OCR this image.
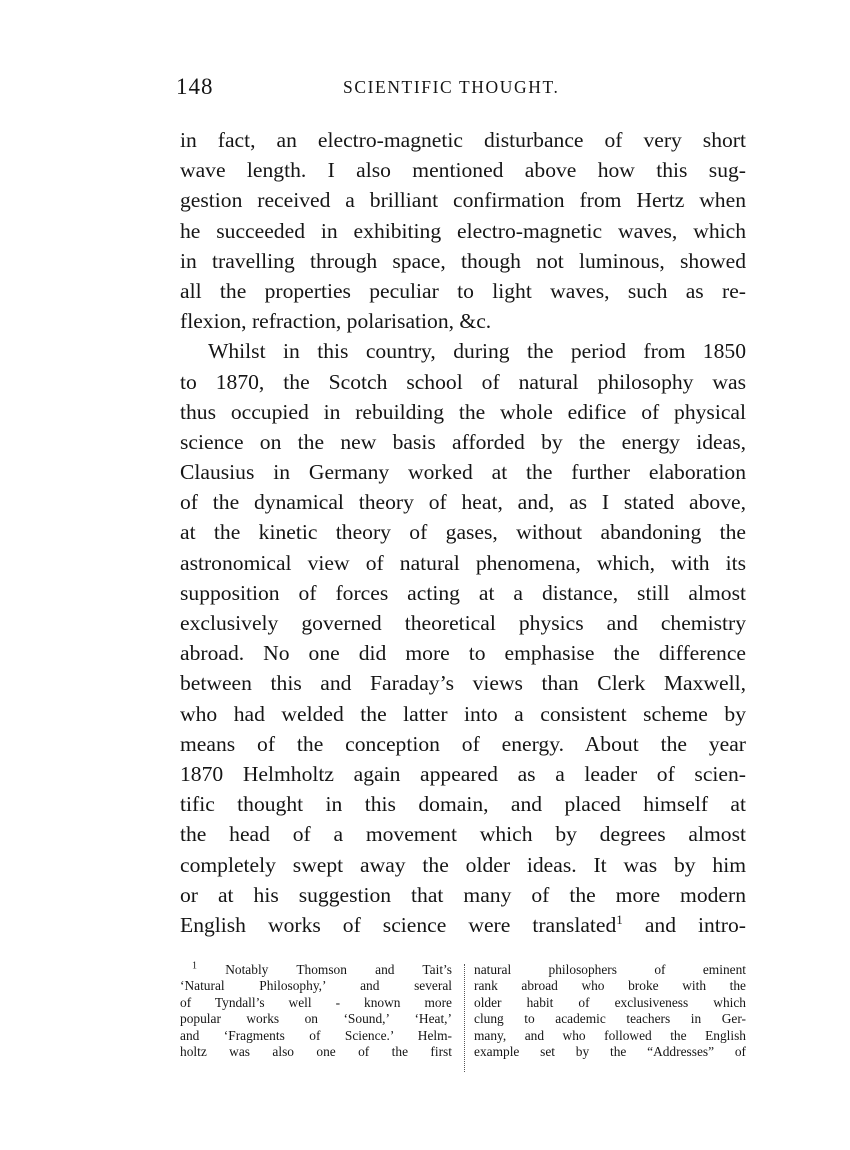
148	SCIENTIFIC THOUGHT.
in fact, an electro-magnetic disturbance of very short
wave length. I also mentioned above how this sug-
gestion received a brilliant confirmation from Hertz when
he succeeded in exhibiting electro-magnetic waves, which
in travelling through space, though not luminous, showed
all the properties peculiar to light waves, such as re-
flexion, refraction, polarisation, &c.
Whilst in this country, during the period from 1850
to 1870, the Scotch school of natural philosophy was
thus occupied in rebuilding the whole edifice of physical
science on the new basis afforded by the energy ideas,
Clausius in Germany worked at the further elaboration
of the dynamical theory of heat, and, as I stated above,
at the kinetic theory of gases, without abandoning the
astronomical view of natural phenomena, which, with its
supposition of forces acting at a distance, still almost
exclusively governed theoretical physics and chemistry
abroad. No one did more to emphasise the difference
between this and Faraday’s views than Clerk Maxwell,
who had welded the latter into a consistent scheme by
means of the conception of energy. About the year
1870 Helmholtz again appeared as a leader of scien-
tific thought in this domain, and placed himself at
the head of a movement which by degrees almost
completely swept away the older ideas. It was by him
or at his suggestion that many of the more modern
English works of science were translated$^1$ and intro-
$^1$ Notably Thomson and Tait’s
‘Natural Philosophy,’ and several
of Tyndall’s well - known more
popular works on ‘Sound,’ ‘Heat,’
and ‘Fragments of Science.’ Helm-
holtz was also one of the first
natural philosophers of eminent
rank abroad who broke with the
older habit of exclusiveness which
clung to academic teachers in Ger-
many, and who followed the English
example set by the “Addresses” of
